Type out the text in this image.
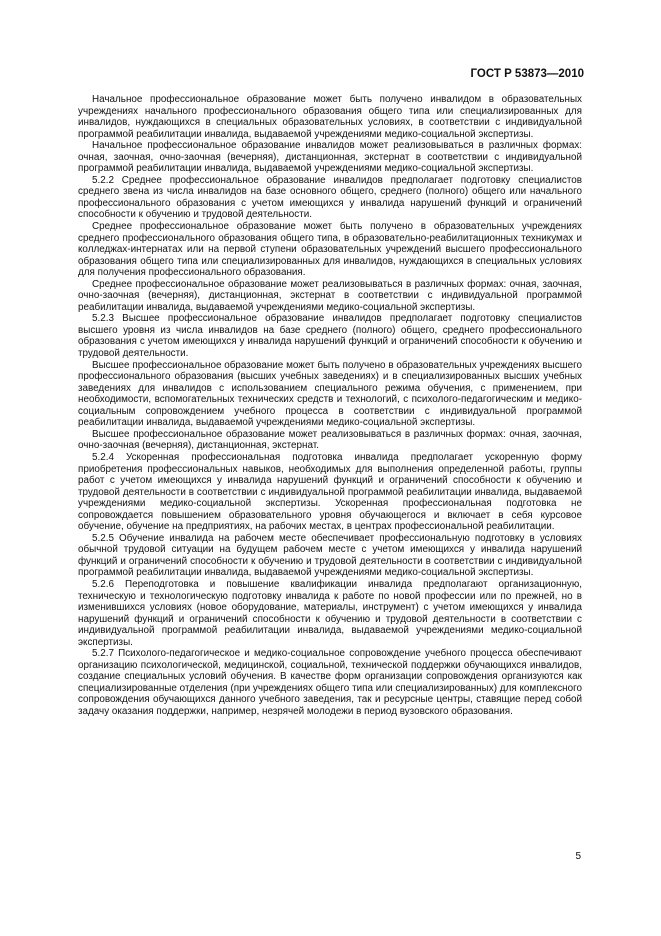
ГОСТ Р 53873—2010

Начальное профессиональное образование может быть получено инвалидом в образовательных учреждениях начального профессионального образования общего типа или специализированных для инвалидов, нуждающихся в специальных образовательных условиях, в соответствии с индивидуальной программой реабилитации инвалида, выдаваемой учреждениями медико-социальной экспертизы.

Начальное профессиональное образование инвалидов может реализовываться в различных формах: очная, заочная, очно-заочная (вечерняя), дистанционная, экстернат в соответствии с индивидуальной программой реабилитации инвалида, выдаваемой учреждениями медико-социальной экспертизы.

5.2.2 Среднее профессиональное образование инвалидов предполагает подготовку специалистов среднего звена из числа инвалидов на базе основного общего, среднего (полного) общего или начального профессионального образования с учетом имеющихся у инвалида нарушений функций и ограничений способности к обучению и трудовой деятельности.

Среднее профессиональное образование может быть получено в образовательных учреждениях среднего профессионального образования общего типа, в образовательно-реабилитационных техникумах и колледжах-интернатах или на первой ступени образовательных учреждений высшего профессионального образования общего типа или специализированных для инвалидов, нуждающихся в специальных условиях для получения профессионального образования.

Среднее профессиональное образование может реализовываться в различных формах: очная, заочная, очно-заочная (вечерняя), дистанционная, экстернат в соответствии с индивидуальной программой реабилитации инвалида, выдаваемой учреждениями медико-социальной экспертизы.

5.2.3 Высшее профессиональное образование инвалидов предполагает подготовку специалистов высшего уровня из числа инвалидов на базе среднего (полного) общего, среднего профессионального образования с учетом имеющихся у инвалида нарушений функций и ограничений способности к обучению и трудовой деятельности.

Высшее профессиональное образование может быть получено в образовательных учреждениях высшего профессионального образования (высших учебных заведениях) и в специализированных высших учебных заведениях для инвалидов с использованием специального режима обучения, с применением, при необходимости, вспомогательных технических средств и технологий, с психолого-педагогическим и медико-социальным сопровождением учебного процесса в соответствии с индивидуальной программой реабилитации инвалида, выдаваемой учреждениями медико-социальной экспертизы.

Высшее профессиональное образование может реализовываться в различных формах: очная, заочная, очно-заочная (вечерняя), дистанционная, экстернат.

5.2.4 Ускоренная профессиональная подготовка инвалида предполагает ускоренную форму приобретения профессиональных навыков, необходимых для выполнения определенной работы, группы работ с учетом имеющихся у инвалида нарушений функций и ограничений способности к обучению и трудовой деятельности в соответствии с индивидуальной программой реабилитации инвалида, выдаваемой учреждениями медико-социальной экспертизы. Ускоренная профессиональная подготовка не сопровождается повышением образовательного уровня обучающегося и включает в себя курсовое обучение, обучение на предприятиях, на рабочих местах, в центрах профессиональной реабилитации.

5.2.5 Обучение инвалида на рабочем месте обеспечивает профессиональную подготовку в условиях обычной трудовой ситуации на будущем рабочем месте с учетом имеющихся у инвалида нарушений функций и ограничений способности к обучению и трудовой деятельности в соответствии с индивидуальной программой реабилитации инвалида, выдаваемой учреждениями медико-социальной экспертизы.

5.2.6 Переподготовка и повышение квалификации инвалида предполагают организационную, техническую и технологическую подготовку инвалида к работе по новой профессии или по прежней, но в изменившихся условиях (новое оборудование, материалы, инструмент) с учетом имеющихся у инвалида нарушений функций и ограничений способности к обучению и трудовой деятельности в соответствии с индивидуальной программой реабилитации инвалида, выдаваемой учреждениями медико-социальной экспертизы.

5.2.7 Психолого-педагогическое и медико-социальное сопровождение учебного процесса обеспечивают организацию психологической, медицинской, социальной, технической поддержки обучающихся инвалидов, создание специальных условий обучения. В качестве форм организации сопровождения организуются как специализированные отделения (при учреждениях общего типа или специализированных) для комплексного сопровождения обучающихся данного учебного заведения, так и ресурсные центры, ставящие перед собой задачу оказания поддержки, например, незрячей молодежи в период вузовского образования.

5
